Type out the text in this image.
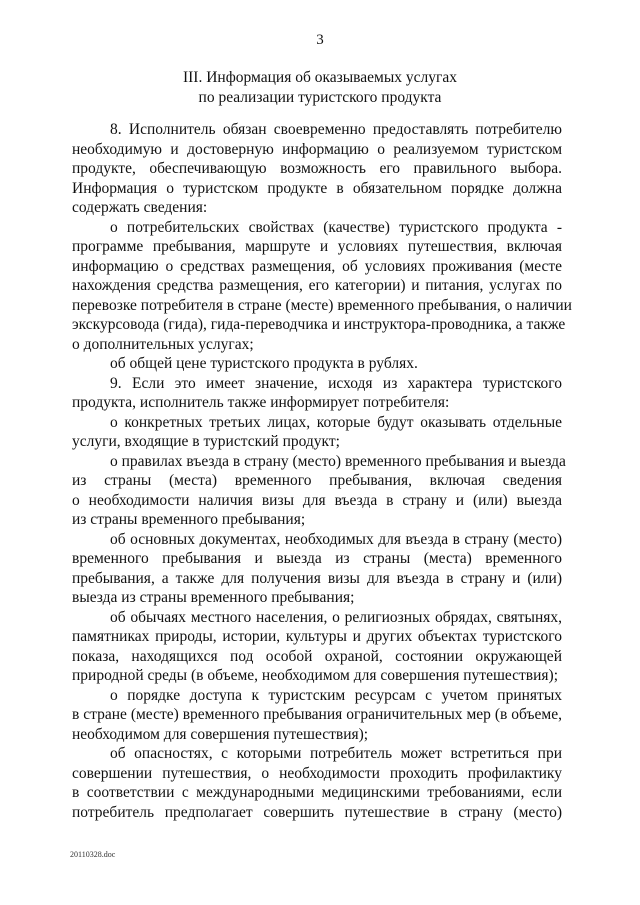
3
III. Информация об оказываемых услугах
по реализации туристского продукта
8. Исполнитель обязан своевременно предоставлять потребителю
необходимую и достоверную информацию о реализуемом туристском
продукте, обеспечивающую возможность его правильного выбора.
Информация о туристском продукте в обязательном порядке должна
содержать сведения:
о потребительских свойствах (качестве) туристского продукта -
программе пребывания, маршруте и условиях путешествия, включая
информацию о средствах размещения, об условиях проживания (месте
нахождения средства размещения, его категории) и питания, услугах по
перевозке потребителя в стране (месте) временного пребывания, о наличии
экскурсовода (гида), гида-переводчика и инструктора-проводника, а также
о дополнительных услугах;
об общей цене туристского продукта в рублях.
9. Если это имеет значение, исходя из характера туристского
продукта, исполнитель также информирует потребителя:
о конкретных третьих лицах, которые будут оказывать отдельные
услуги, входящие в туристский продукт;
о правилах въезда в страну (место) временного пребывания и выезда
из страны (места) временного пребывания, включая сведения
о необходимости наличия визы для въезда в страну и (или) выезда
из страны временного пребывания;
об основных документах, необходимых для въезда в страну (место)
временного пребывания и выезда из страны (места) временного
пребывания, а также для получения визы для въезда в страну и (или)
выезда из страны временного пребывания;
об обычаях местного населения, о религиозных обрядах, святынях,
памятниках природы, истории, культуры и других объектах туристского
показа, находящихся под особой охраной, состоянии окружающей
природной среды (в объеме, необходимом для совершения путешествия);
о порядке доступа к туристским ресурсам с учетом принятых
в стране (месте) временного пребывания ограничительных мер (в объеме,
необходимом для совершения путешествия);
об опасностях, с которыми потребитель может встретиться при
совершении путешествия, о необходимости проходить профилактику
в соответствии с международными медицинскими требованиями, если
потребитель предполагает совершить путешествие в страну (место)
20110328.doc
